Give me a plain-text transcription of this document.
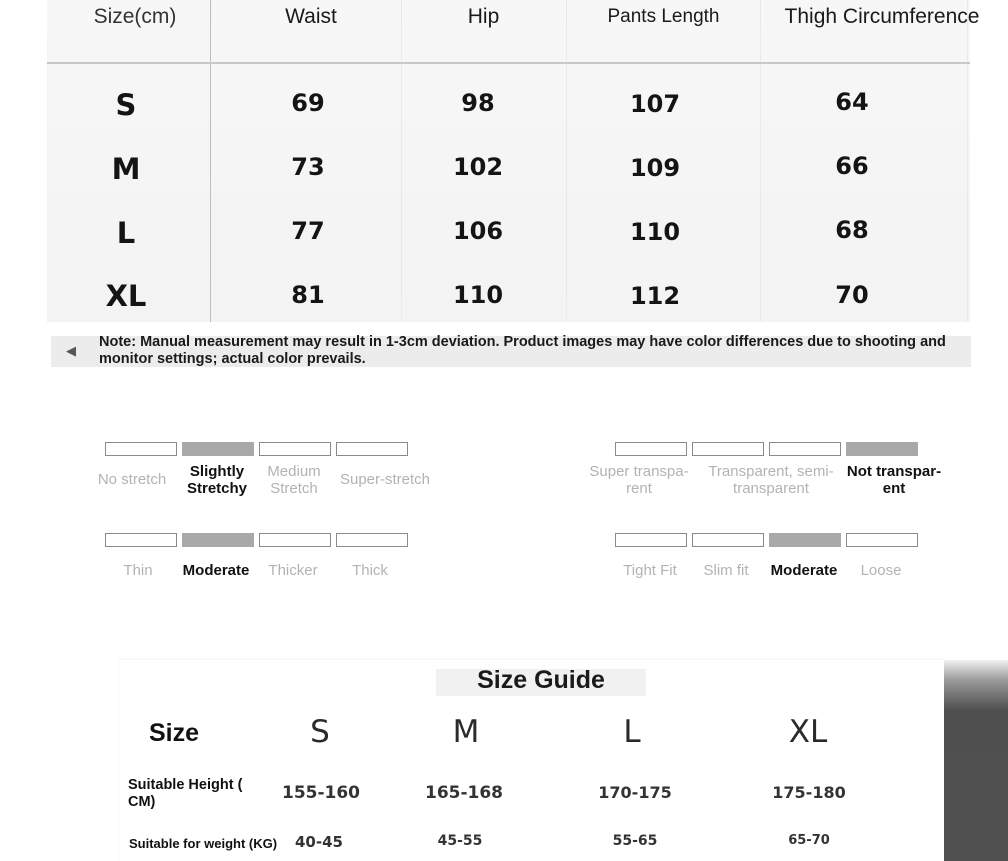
Size(cm)	Waist	Hip	Pants Length	Thigh Circumference
S	69	98	107	64
M	73	102	109	66
L	77	106	110	68
XL	81	110	112	70
◀
Note: Manual measurement may result in 1-3cm deviation. Product images may have color differences due to shooting and monitor settings; actual color prevails.
No stretch	Slightly Stretchy
Medium Stretch
Super-stretch	Super transpa-rent
Transparent, semi-transparent
Not transpar-ent
Thin	Moderate	Thicker	Thick	Tight Fit	Slim fit	Moderate	Loose
Size Guide
Size	S	M	L	XL
Suitable Height ( CM)	155-160	165-168	170-175	175-180
Suitable for weight (KG)	40-45	45-55	55-65	65-70
